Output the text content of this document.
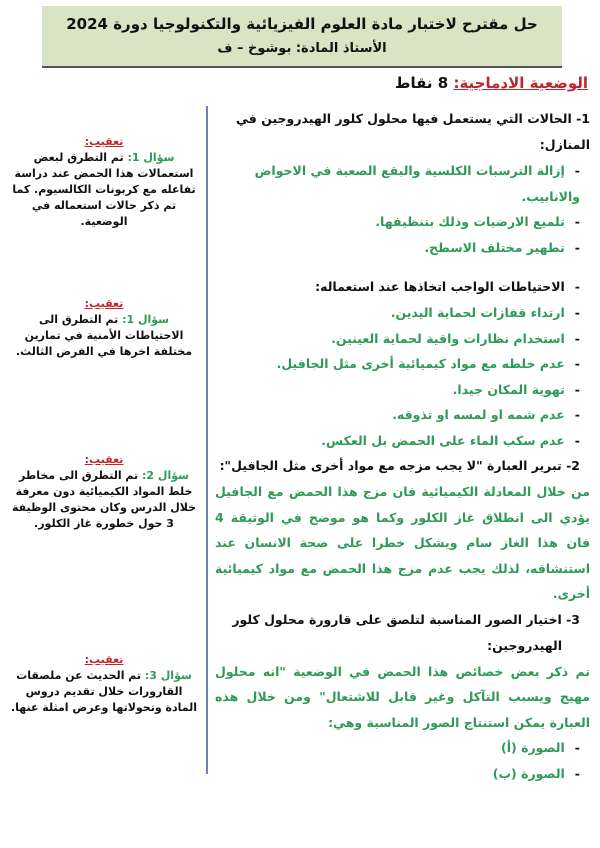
حل مقترح لاختبار مادة العلوم الفيزيائية والتكنولوجيا دورة 2024
الأستاذ المادة: بوشوخ – ف
الوضعية الادماجية: 8 نقاط
1- الحالات التي يستعمل فيها محلول كلور الهيدروجين في المنازل:
-إزالة الترسبات الكلسية والبقع الصعبة في الاحواض والانابيب.
-تلميع الارضيات وذلك بتنظيفها.
-تطهير مختلف الاسطح.
-الاحتياطات الواجب اتخاذها عند استعماله:
-ارتداء قفازات لحماية اليدين.
-استخدام نظارات واقية لحماية العينين.
-عدم خلطه مع مواد كيميائية أخرى مثل الجافيل.
-تهوية المكان جيدا.
-عدم شمه او لمسه او تذوقه.
-عدم سكب الماء على الحمض بل العكس.
2- تبرير العبارة "لا يجب مزجه مع مواد أخرى مثل الجافيل":
من خلال المعادلة الكيميائية فان مزج هذا الحمض مع الجافيل يؤدي الى انطلاق غاز الكلور وكما هو موضح في الوثيقة 4 فان هذا الغاز سام ويشكل خطرا على صحة الانسان عند استنشاقه، لذلك يجب عدم مزج هذا الحمض مع مواد كيميائية أخرى.
3- اختيار الصور المناسبة لتلصق على قارورة محلول كلور
الهيدروجين:
تم ذكر بعض خصائص هذا الحمض في الوضعية "انه محلول مهيج ويسبب التآكل وغير قابل للاشتعال" ومن خلال هذه العبارة يمكن استنتاج الصور المناسبة وهي:
-الصورة (أ)
-الصورة (ب)
تعقيب:
سؤال 1: تم التطرق لبعض استعمالات هذا الحمض عند دراسة تفاعله مع كربونات الكالسيوم. كما تم ذكر حالات استعماله في الوضعية.
تعقيب:
سؤال 1: تم التطرق الى الاحتياطات الأمنية في تمارين مختلفة اخرها في الفرض الثالث.
تعقيب:
سؤال 2: تم التطرق الى مخاطر خلط المواد الكيميائية دون معرفة خلال الدرس وكان محتوى الوظيفة 3 حول خطورة غاز الكلور.
تعقيب:
سؤال 3: تم الحديث عن ملصقات القارورات خلال تقديم دروس المادة وتحولاتها وعرض امثلة عنها.
